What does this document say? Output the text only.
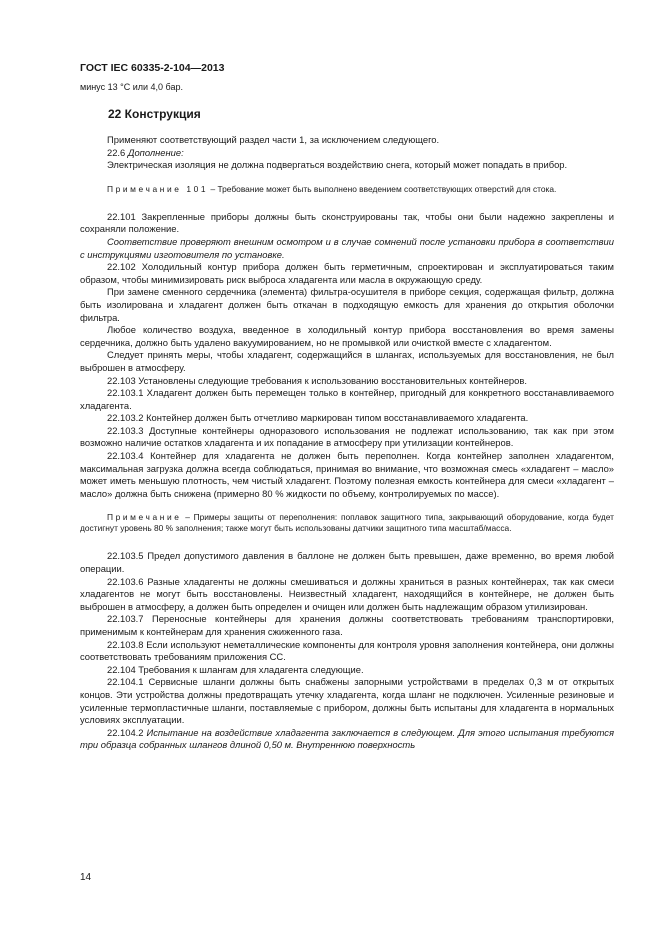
ГОСТ IEC 60335-2-104—2013
минус 13 °С или 4,0 бар.
22 Конструкция

Применяют соответствующий раздел части 1, за исключением следующего.

22.6 Дополнение:

Электрическая изоляция не должна подвергаться воздействию снега, который может попадать в прибор.

Примечание 101 – Требование может быть выполнено введением соответствующих отверстий для стока.

22.101 Закрепленные приборы должны быть сконструированы так, чтобы они были надежно закреплены и сохраняли положение.

Соответствие проверяют внешним осмотром и в случае сомнений после установки прибора в соответствии с инструкциями изготовителя по установке.

22.102 Холодильный контур прибора должен быть герметичным, спроектирован и эксплуатироваться таким образом, чтобы минимизировать риск выброса хладагента или масла в окружающую среду.

При замене сменного сердечника (элемента) фильтра-осушителя в приборе секция, содержащая фильтр, должна быть изолирована и хладагент должен быть откачан в подходящую емкость для хранения до открытия оболочки фильтра.

Любое количество воздуха, введенное в холодильный контур прибора восстановления во время замены сердечника, должно быть удалено вакуумированием, но не промывкой или очисткой вместе с хладагентом.

Следует принять меры, чтобы хладагент, содержащийся в шлангах, используемых для восстановления, не был выброшен в атмосферу.

22.103 Установлены следующие требования к использованию восстановительных контейнеров.

22.103.1 Хладагент должен быть перемещен только в контейнер, пригодный для конкретного восстанавливаемого хладагента.

22.103.2 Контейнер должен быть отчетливо маркирован типом восстанавливаемого хладагента.

22.103.3 Доступные контейнеры одноразового использования не подлежат использованию, так как при этом возможно наличие остатков хладагента и их попадание в атмосферу при утилизации контейнеров.

22.103.4 Контейнер для хладагента не должен быть переполнен. Когда контейнер заполнен хладагентом, максимальная загрузка должна всегда соблюдаться, принимая во внимание, что возможная смесь «хладагент – масло» может иметь меньшую плотность, чем чистый хладагент. Поэтому полезная емкость контейнера для смеси «хладагент – масло» должна быть снижена (примерно 80 % жидкости по объему, контролируемых по массе).

Примечание – Примеры защиты от переполнения: поплавок защитного типа, закрывающий оборудование, когда будет достигнут уровень 80 % заполнения; также могут быть использованы датчики защитного типа масштаб/масса.

22.103.5 Предел допустимого давления в баллоне не должен быть превышен, даже временно, во время любой операции.

22.103.6 Разные хладагенты не должны смешиваться и должны храниться в разных контейнерах, так как смеси хладагентов не могут быть восстановлены. Неизвестный хладагент, находящийся в контейнере, не должен быть выброшен в атмосферу, а должен быть определен и очищен или должен быть надлежащим образом утилизирован.

22.103.7 Переносные контейнеры для хранения должны соответствовать требованиям транспортировки, применимым к контейнерам для хранения сжиженного газа.

22.103.8 Если используют неметаллические компоненты для контроля уровня заполнения контейнера, они должны соответствовать требованиям приложения СС.

22.104 Требования к шлангам для хладагента следующие.

22.104.1 Сервисные шланги должны быть снабжены запорными устройствами в пределах 0,3 м от открытых концов. Эти устройства должны предотвращать утечку хладагента, когда шланг не подключен. Усиленные резиновые и усиленные термопластичные шланги, поставляемые с прибором, должны быть испытаны для хладагента в нормальных условиях эксплуатации.

22.104.2 Испытание на воздействие хладагента заключается в следующем. Для этого испытания требуются три образца собранных шлангов длиной 0,50 м. Внутреннюю поверхность

14
